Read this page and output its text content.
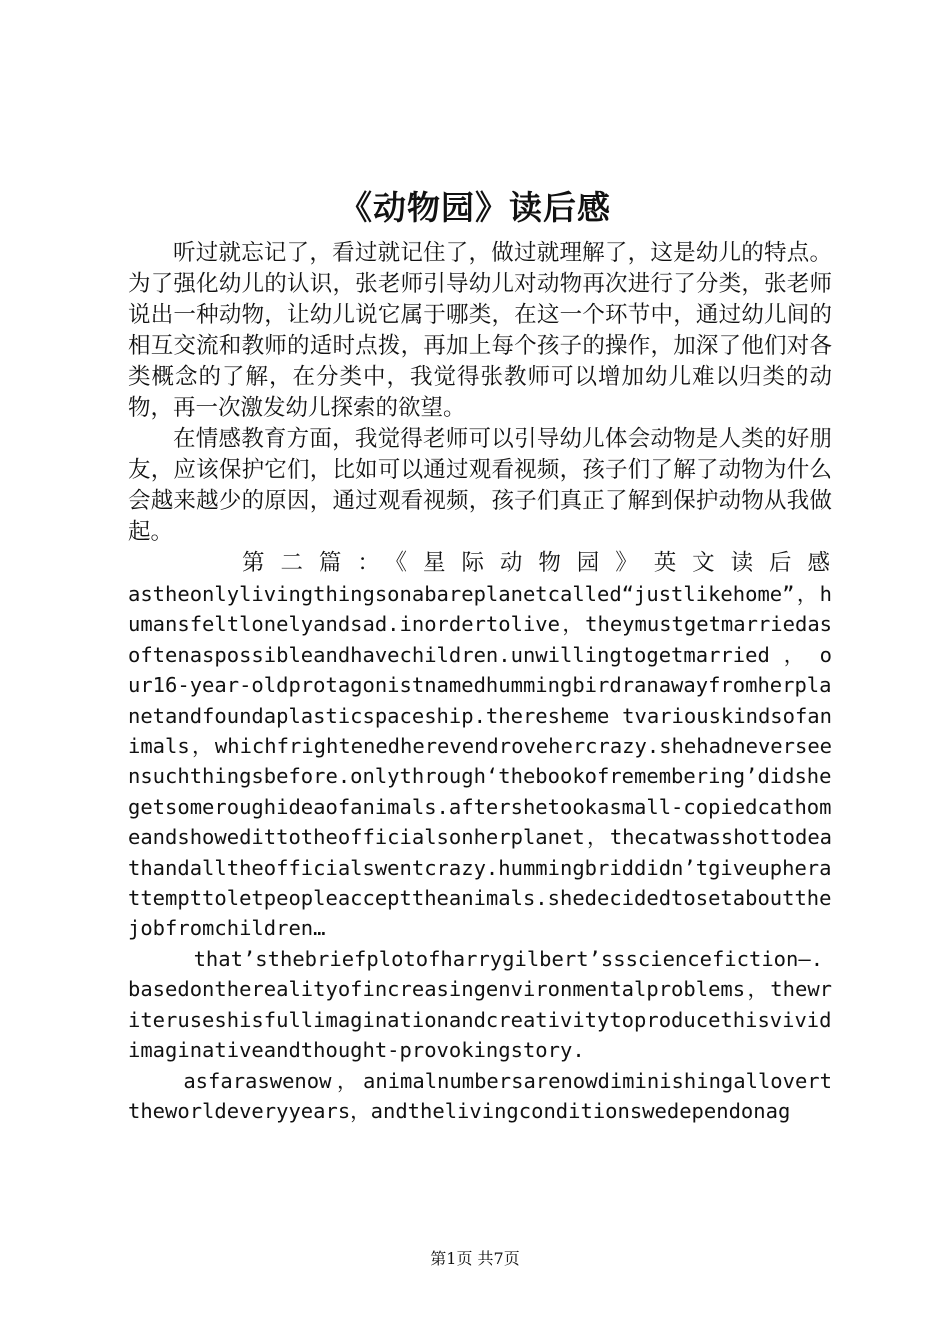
《动物园》读后感

听过就忘记了，看过就记住了，做过就理解了，这是幼儿的特点。为了强化幼儿的认识，张老师引导幼儿对动物再次进行了分类，张老师说出一种动物，让幼儿说它属于哪类，在这一个环节中，通过幼儿间的相互交流和教师的适时点拨，再加上每个孩子的操作，加深了他们对各类概念的了解，在分类中，我觉得张教师可以增加幼儿难以归类的动物，再一次激发幼儿探索的欲望。

在情感教育方面，我觉得老师可以引导幼儿体会动物是人类的好朋友，应该保护它们，比如可以通过观看视频，孩子们了解了动物为什么会越来越少的原因，通过观看视频，孩子们真正了解到保护动物从我做起。

第二篇：《星际动物园》英文读后感

astheonlylivingthingsonabareplanetcalled“justlikehome”，humansfeltlonelyandsad.inordertolive，theymustgetmarriedasoftenaspossibleandhavechildren.unwillingtogetmarried ， our16-year-oldprotagonistnamedhummingbirdranawayfromherplanetandfoundaplasticspaceship.theresheme tvariouskindsofanimals，whichfrightenedherevendrovehercrazy.shehadneverseensuchthingsbefore.onlythrough‘thebookofremembering’didshegetsomeroughideaofanimals.aftershetookasmall-copiedcathomeandshowedittotheofficialsonherplanet，thecatwasshottodeathandalltheofficialswentcrazy.hummingbriddidn’tgiveupherattempttoletpeopleaccepttheanimals.shedecidedtosetaboutthejobfromchildren…

that’sthebriefplotofharrygilbert’sssciencefiction—.basedontherealityofincreasingenvironmentalproblems，thewriteruseshisfullimaginationandcreativitytoproducethisvividimaginativeandthought-provokingstory.

asfaraswenow，animalnumbersarenowdiminishingalloverttheworldeveryyears，andthelivingconditionswedependonag

第1页 共7页
